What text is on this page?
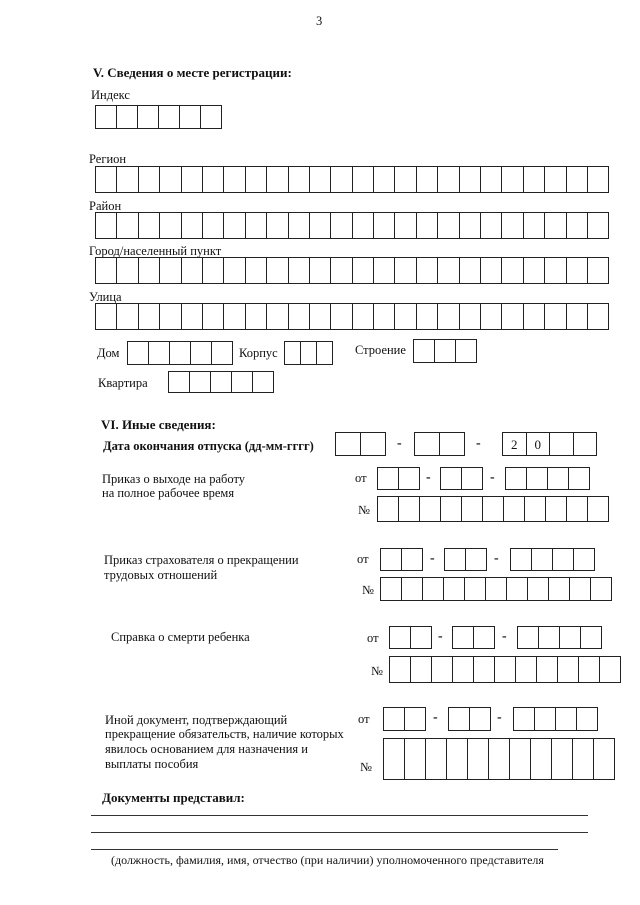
3
V. Сведения о месте регистрации:
Индекс
Регион
Район
Город/населенный пункт
Улица
Дом	Корпус	Строение
Квартира
VI. Иные сведения:
Дата окончания отпуска (дд-мм-гггг)	-	-	2	0
Приказ о выходе на работу
на полное рабочее время
от	-	-
№
Приказ страхователя о прекращении
трудовых отношений
от	-	-
№
Справка о смерти ребенка	от	-	-
№
Иной документ, подтверждающий
прекращение обязательств, наличие которых
явилось основанием для назначения и
выплаты пособия
от	-	-
№
Документы представил:
(должность, фамилия, имя, отчество (при наличии) уполномоченного представителя
